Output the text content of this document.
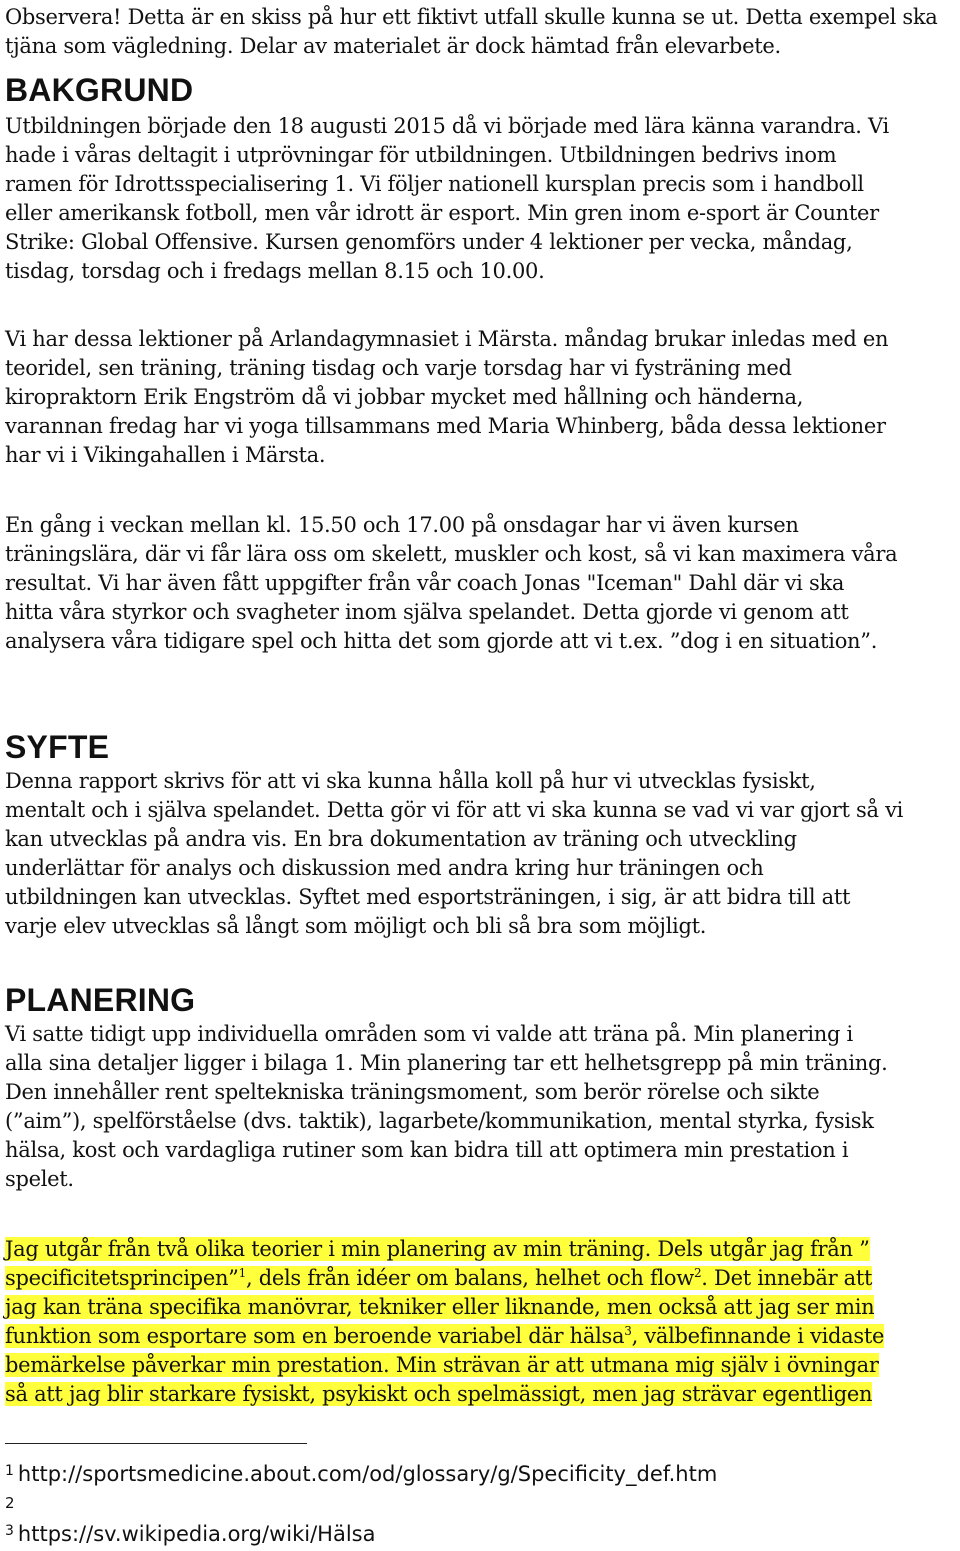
Observera! Detta är en skiss på hur ett fiktivt utfall skulle kunna se ut. Detta exempel ska
tjäna som vägledning. Delar av materialet är dock hämtad från elevarbete.
BAKGRUND
Utbildningen började den 18 augusti 2015 då vi började med lära känna varandra. Vi
hade i våras deltagit i utprövningar för utbildningen. Utbildningen bedrivs inom
ramen för Idrottsspecialisering 1. Vi följer nationell kursplan precis som i handboll
eller amerikansk fotboll, men vår idrott är esport. Min gren inom e-sport är Counter
Strike: Global Offensive. Kursen genomförs under 4 lektioner per vecka, måndag,
tisdag, torsdag och i fredags mellan 8.15 och 10.00.
Vi har dessa lektioner på Arlandagymnasiet i Märsta. måndag brukar inledas med en
teoridel, sen träning, träning tisdag och varje torsdag har vi fysträning med
kiropraktorn Erik Engström då vi jobbar mycket med hållning och händerna,
varannan fredag har vi yoga tillsammans med Maria Whinberg, båda dessa lektioner
har vi i Vikingahallen i Märsta.
En gång i veckan mellan kl. 15.50 och 17.00 på onsdagar har vi även kursen
träningslära, där vi får lära oss om skelett, muskler och kost, så vi kan maximera våra
resultat. Vi har även fått uppgifter från vår coach Jonas "Iceman" Dahl där vi ska
hitta våra styrkor och svagheter inom själva spelandet. Detta gjorde vi genom att
analysera våra tidigare spel och hitta det som gjorde att vi t.ex. ”dog i en situation”.
SYFTE
Denna rapport skrivs för att vi ska kunna hålla koll på hur vi utvecklas fysiskt,
mentalt och i själva spelandet. Detta gör vi för att vi ska kunna se vad vi var gjort så vi
kan utvecklas på andra vis. En bra dokumentation av träning och utveckling
underlättar för analys och diskussion med andra kring hur träningen och
utbildningen kan utvecklas. Syftet med esportsträningen, i sig, är att bidra till att
varje elev utvecklas så långt som möjligt och bli så bra som möjligt.
PLANERING
Vi satte tidigt upp individuella områden som vi valde att träna på. Min planering i
alla sina detaljer ligger i bilaga 1. Min planering tar ett helhetsgrepp på min träning.
Den innehåller rent speltekniska träningsmoment, som berör rörelse och sikte
(”aim”), spelförståelse (dvs. taktik), lagarbete/kommunikation, mental styrka, fysisk
hälsa, kost och vardagliga rutiner som kan bidra till att optimera min prestation i
spelet.
Jag utgår från två olika teorier i min planering av min träning. Dels utgår jag från ”
specificitetsprincipen”$^1$, dels från idéer om balans, helhet och flow$^2$. Det innebär att
jag kan träna specifika manövrar, tekniker eller liknande, men också att jag ser min
funktion som esportare som en beroende variabel där hälsa$^3$, välbefinnande i vidaste
bemärkelse påverkar min prestation. Min strävan är att utmana mig själv i övningar
så att jag blir starkare fysiskt, psykiskt och spelmässigt, men jag strävar egentligen
$^1$ http://sportsmedicine.about.com/od/glossary/g/Specificity_def.htm
2
$^3$ https://sv.wikipedia.org/wiki/Hälsa
